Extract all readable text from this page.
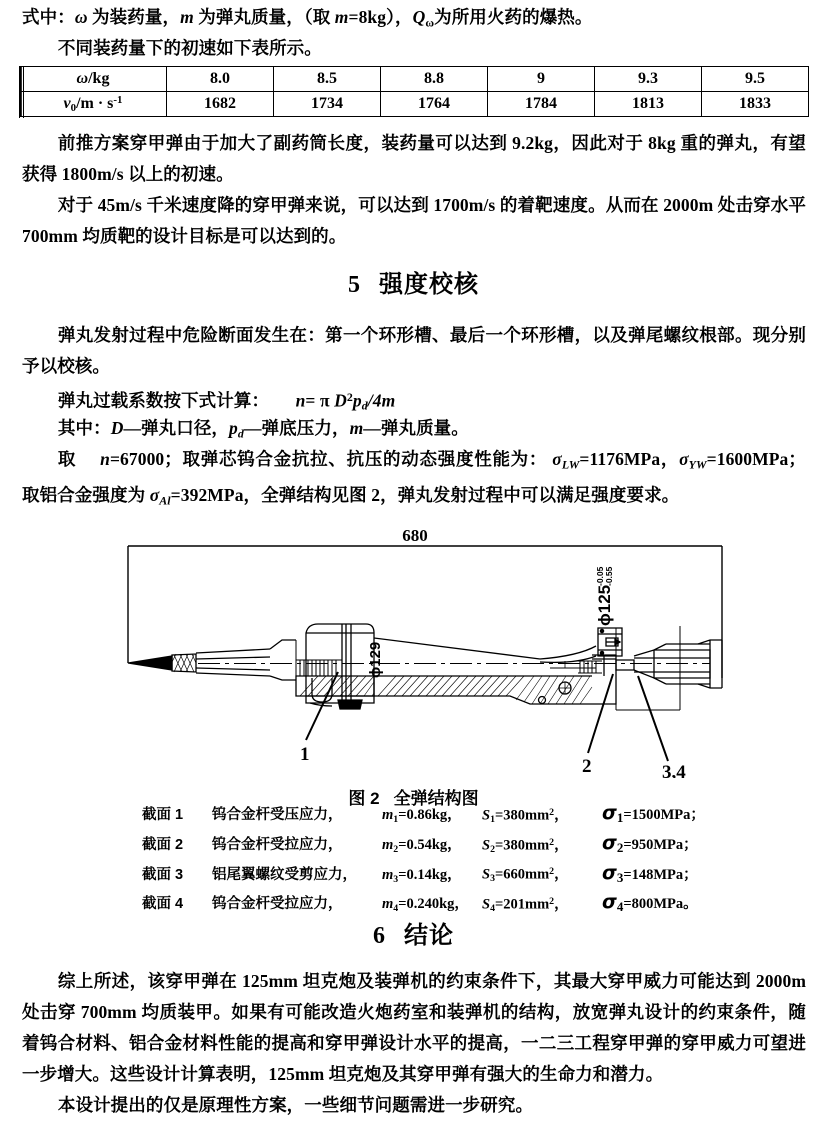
式中：ω 为装药量，m 为弹丸质量，（取 m=8kg），$Q_\omega$为所用火药的爆热。
不同装药量下的初速如下表所示。
ω/kg	8.0	8.5	8.8	9	9.3	9.5
$v_0/m \cdot s^{-1}$	1682	1734	1764	1784	1813	1833
前推方案穿甲弹由于加大了副药筒长度，装药量可以达到 9.2kg，因此对于 8kg 重的弹丸，有望获得 1800m/s 以上的初速。
对于 45m/s 千米速度降的穿甲弹来说，可以达到 1700m/s 的着靶速度。从而在 2000m 处击穿水平 700mm 均质靶的设计目标是可以达到的。
5 强度校核
弹丸发射过程中危险断面发生在：第一个环形槽、最后一个环形槽，以及弹尾螺纹根部。现分别予以校核。
弹丸过载系数按下式计算： n= π $D^2p_d/4m$
其中：D—弹丸口径，$p_d—$弹底压力，m—弹丸质量。
取 n=67000；取弹芯钨合金抗拉、抗压的动态强度性能为： $\sigma_{LW}=1176MPa$，$\sigma_{YW}=1600MPa$；取铝合金强度为 $\sigma_{Al}=392MPa$，全弹结构见图 2，弹丸发射过程中可以满足强度要求。
680
ϕ129
ϕ125
-0.05 -0.55
1
2	3,4
图 2 全弹结构图
截面 1 钨合金杆受压应力，	$m_1=0.86kg$， $S_1=380mm^2$， σ1=1500MPa；
截面 2 钨合金杆受拉应力，	$m_2=0.54kg$， $S_2=380mm^2$， σ2=950MPa；
截面 3 铝尾翼螺纹受剪应力， $m_3=0.14kg$， $S_3=660mm^2$， σ3=148MPa；
截面 4 钨合金杆受拉应力，	$m_4=0.240kg$， $S_4=201mm^2$， σ4=800MPa。
6 结论
综上所述，该穿甲弹在 125mm 坦克炮及装弹机的约束条件下，其最大穿甲威力可能达到 2000m 处击穿 700mm 均质装甲。如果有可能改造火炮药室和装弹机的结构，放宽弹丸设计的约束条件，随着钨合材料、铝合金材料性能的提高和穿甲弹设计水平的提高，一二三工程穿甲弹的穿甲威力可望进一步增大。这些设计计算表明，125mm 坦克炮及其穿甲弹有强大的生命力和潜力。
本设计提出的仅是原理性方案，一些细节问题需进一步研究。
